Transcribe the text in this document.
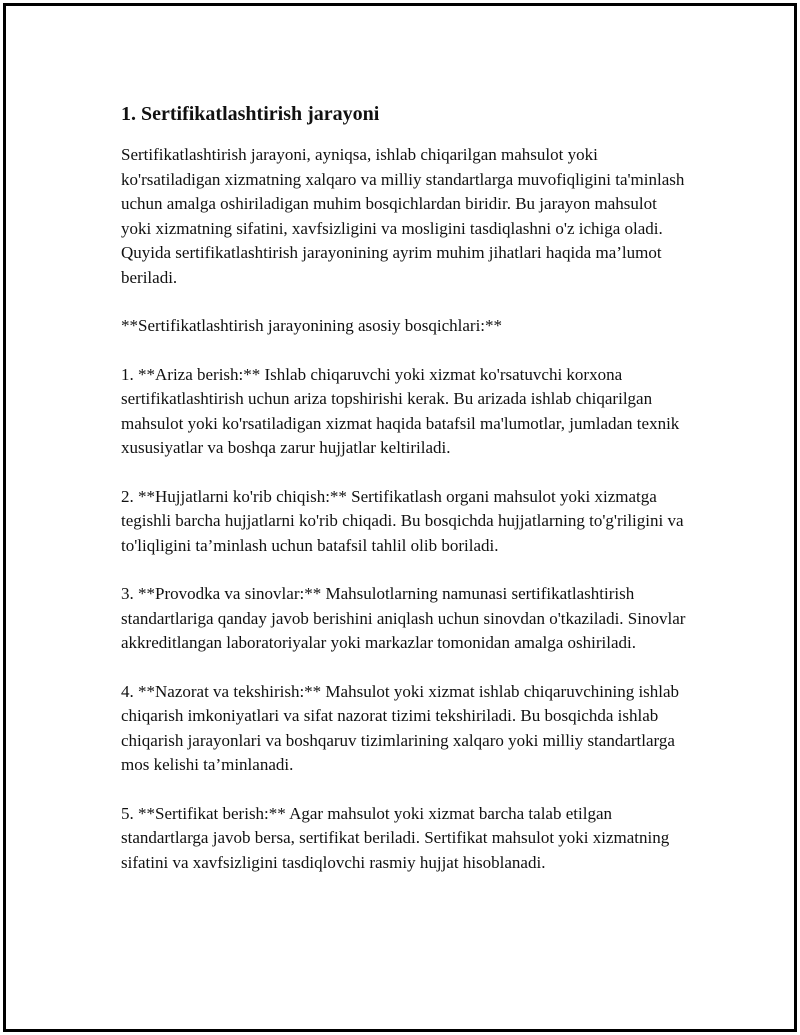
1. Sertifikatlashtirish jarayoni

Sertifikatlashtirish jarayoni, ayniqsa, ishlab chiqarilgan mahsulot yoki ko'rsatiladigan xizmatning xalqaro va milliy standartlarga muvofiqligini ta'minlash uchun amalga oshiriladigan muhim bosqichlardan biridir. Bu jarayon mahsulot yoki xizmatning sifatini, xavfsizligini va mosligini tasdiqlashni o'z ichiga oladi. Quyida sertifikatlashtirish jarayonining ayrim muhim jihatlari haqida ma’lumot beriladi.

**Sertifikatlashtirish jarayonining asosiy bosqichlari:**

1. **Ariza berish:** Ishlab chiqaruvchi yoki xizmat ko'rsatuvchi korxona sertifikatlashtirish uchun ariza topshirishi kerak. Bu arizada ishlab chiqarilgan mahsulot yoki ko'rsatiladigan xizmat haqida batafsil ma'lumotlar, jumladan texnik xususiyatlar va boshqa zarur hujjatlar keltiriladi.

2. **Hujjatlarni ko'rib chiqish:** Sertifikatlash organi mahsulot yoki xizmatga tegishli barcha hujjatlarni ko'rib chiqadi. Bu bosqichda hujjatlarning to'g'riligini va to'liqligini ta’minlash uchun batafsil tahlil olib boriladi.

3. **Provodka va sinovlar:** Mahsulotlarning namunasi sertifikatlashtirish standartlariga qanday javob berishini aniqlash uchun sinovdan o'tkaziladi. Sinovlar akkreditlangan laboratoriyalar yoki markazlar tomonidan amalga oshiriladi.

4. **Nazorat va tekshirish:** Mahsulot yoki xizmat ishlab chiqaruvchining ishlab chiqarish imkoniyatlari va sifat nazorat tizimi tekshiriladi. Bu bosqichda ishlab chiqarish jarayonlari va boshqaruv tizimlarining xalqaro yoki milliy standartlarga mos kelishi ta’minlanadi.

5. **Sertifikat berish:** Agar mahsulot yoki xizmat barcha talab etilgan standartlarga javob bersa, sertifikat beriladi. Sertifikat mahsulot yoki xizmatning sifatini va xavfsizligini tasdiqlovchi rasmiy hujjat hisoblanadi.
